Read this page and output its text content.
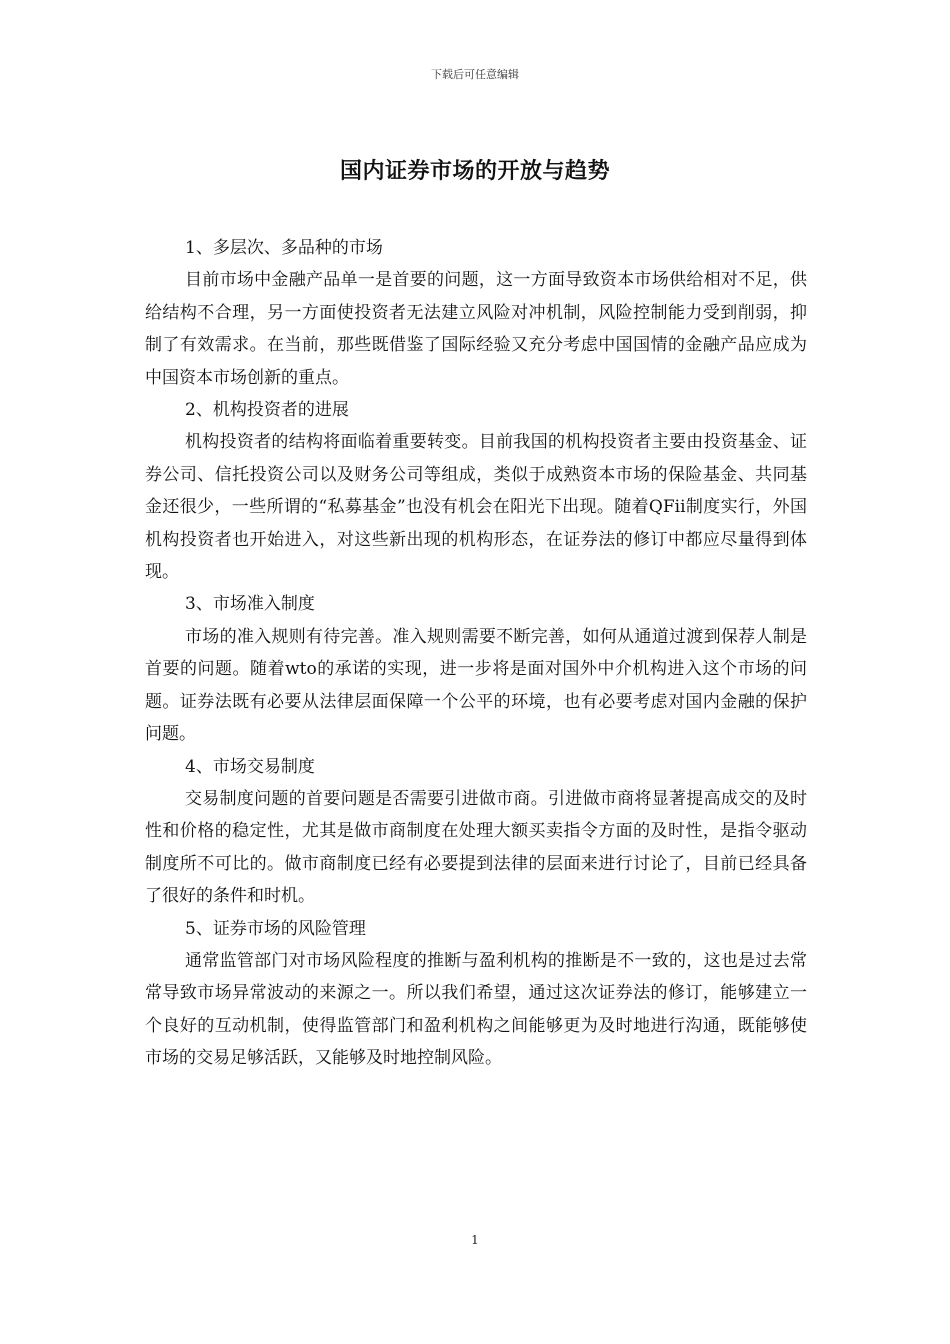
下载后可任意编辑
国内证券市场的开放与趋势

1、多层次、多品种的市场

目前市场中金融产品单一是首要的问题，这一方面导致资本市场供给相对不足，供给结构不合理，另一方面使投资者无法建立风险对冲机制，风险控制能力受到削弱，抑制了有效需求。在当前，那些既借鉴了国际经验又充分考虑中国国情的金融产品应成为中国资本市场创新的重点。

2、机构投资者的进展

机构投资者的结构将面临着重要转变。目前我国的机构投资者主要由投资基金、证券公司、信托投资公司以及财务公司等组成，类似于成熟资本市场的保险基金、共同基金还很少，一些所谓的“私募基金”也没有机会在阳光下出现。随着QFii制度实行，外国机构投资者也开始进入，对这些新出现的机构形态，在证券法的修订中都应尽量得到体现。

3、市场准入制度

市场的准入规则有待完善。准入规则需要不断完善，如何从通道过渡到保荐人制是首要的问题。随着wto的承诺的实现，进一步将是面对国外中介机构进入这个市场的问题。证券法既有必要从法律层面保障一个公平的环境，也有必要考虑对国内金融的保护问题。

4、市场交易制度

交易制度问题的首要问题是否需要引进做市商。引进做市商将显著提高成交的及时性和价格的稳定性，尤其是做市商制度在处理大额买卖指令方面的及时性，是指令驱动制度所不可比的。做市商制度已经有必要提到法律的层面来进行讨论了，目前已经具备了很好的条件和时机。

5、证券市场的风险管理

通常监管部门对市场风险程度的推断与盈利机构的推断是不一致的，这也是过去常常导致市场异常波动的来源之一。所以我们希望，通过这次证券法的修订，能够建立一个良好的互动机制，使得监管部门和盈利机构之间能够更为及时地进行沟通，既能够使市场的交易足够活跃，又能够及时地控制风险。

1
